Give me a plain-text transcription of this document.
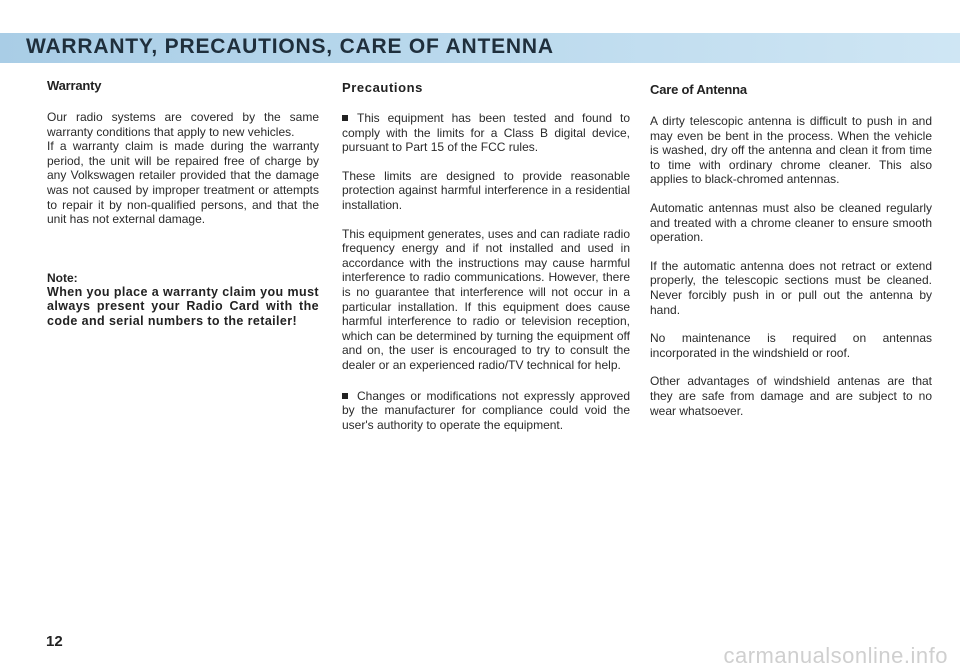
WARRANTY, PRECAUTIONS, CARE OF ANTENNA
Warranty

Our radio systems are covered by the same warranty conditions that apply to new vehicles.

If a warranty claim is made during the warranty period, the unit will be repaired free of charge by any Volkswagen retailer provided that the damage was not caused by improper treatment or attempts to repair it by non-qualified persons, and that the unit has not external damage.

Note:
When you place a warranty claim you must always present your Radio Card with the code and serial numbers to the retailer!
Precautions

This equipment has been tested and found to comply with the limits for a Class B digital device, pursuant to Part 15 of the FCC rules.

These limits are designed to provide reasonable protection against harmful interference in a residential installation.

This equipment generates, uses and can radiate radio frequency energy and if not installed and used in accordance with the instructions may cause harmful interference to radio communications. However, there is no guarantee that interference will not occur in a particular installation. If this equipment does cause harmful interference to radio or television reception, which can be determined by turning the equipment off and on, the user is encouraged to try to consult the dealer or an experienced radio/TV technical for help.

Changes or modifications not expressly approved by the manufacturer for compliance could void the user's authority to operate the equipment.

Care of Antenna

A dirty telescopic antenna is difficult to push in and may even be bent in the process. When the vehicle is washed, dry off the antenna and clean it from time to time with ordinary chrome cleaner. This also applies to black-chromed antennas.

Automatic antennas must also be cleaned regularly and treated with a chrome cleaner to ensure smooth operation.

If the automatic antenna does not retract or extend properly, the telescopic sections must be cleaned. Never forcibly push in or pull out the antenna by hand.

No maintenance is required on antennas incorporated in the windshield or roof.

Other advantages of windshield antenas are that they are safe from damage and are subject to no wear whatsoever.

12
carmanualsonline.info
